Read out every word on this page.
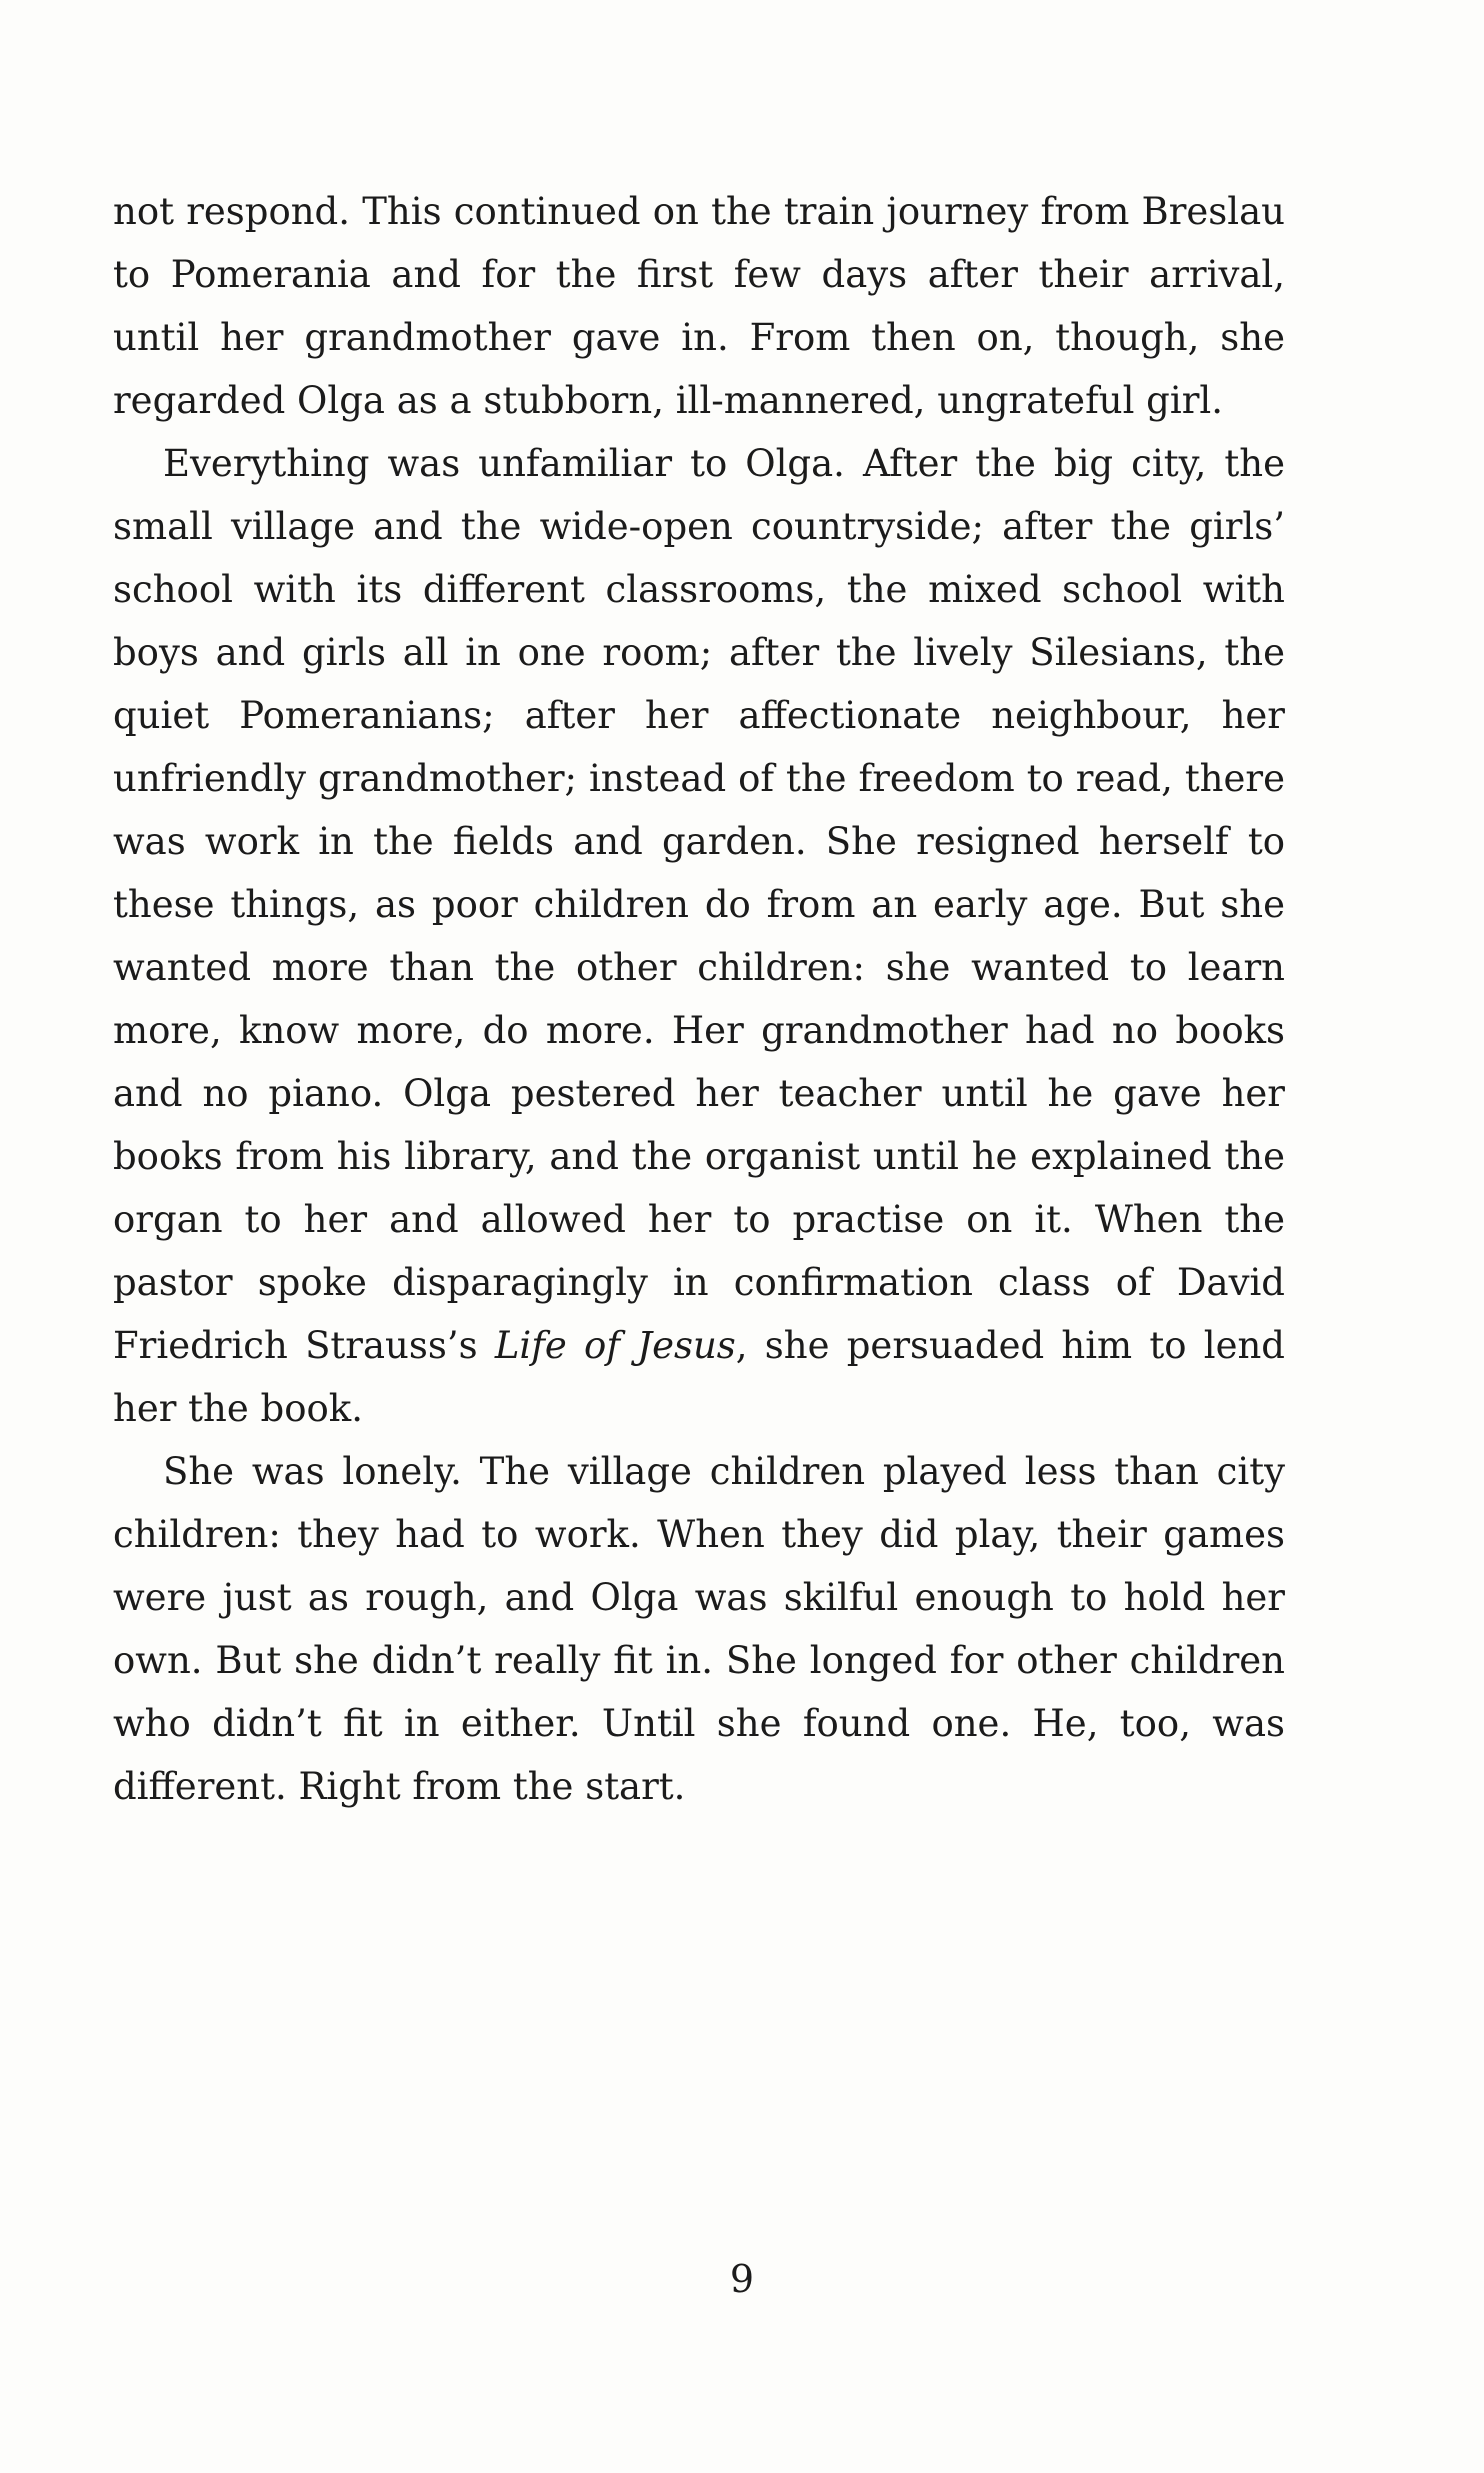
not respond. This continued on the train journey from Breslau to Pomerania and for the first few days after their arrival, until her grandmother gave in. From then on, though, she regarded Olga as a stubborn, ill-mannered, ungrateful girl.

Everything was unfamiliar to Olga. After the big city, the small village and the wide-open countryside; after the girls’ school with its different classrooms, the mixed school with boys and girls all in one room; after the lively Silesians, the quiet Pomeranians; after her affectionate neighbour, her unfriendly grandmother; instead of the freedom to read, there was work in the fields and garden. She resigned herself to these things, as poor children do from an early age. But she wanted more than the other children: she wanted to learn more, know more, do more. Her grandmother had no books and no piano. Olga pestered her teacher until he gave her books from his library, and the organist until he explained the organ to her and allowed her to practise on it. When the pastor spoke disparagingly in confirmation class of David Friedrich Strauss’s Life of Jesus, she persuaded him to lend her the book.

She was lonely. The village children played less than city children: they had to work. When they did play, their games were just as rough, and Olga was skilful enough to hold her own. But she didn’t really fit in. She longed for other children who didn’t fit in either. Until she found one. He, too, was different. Right from the start.

9
